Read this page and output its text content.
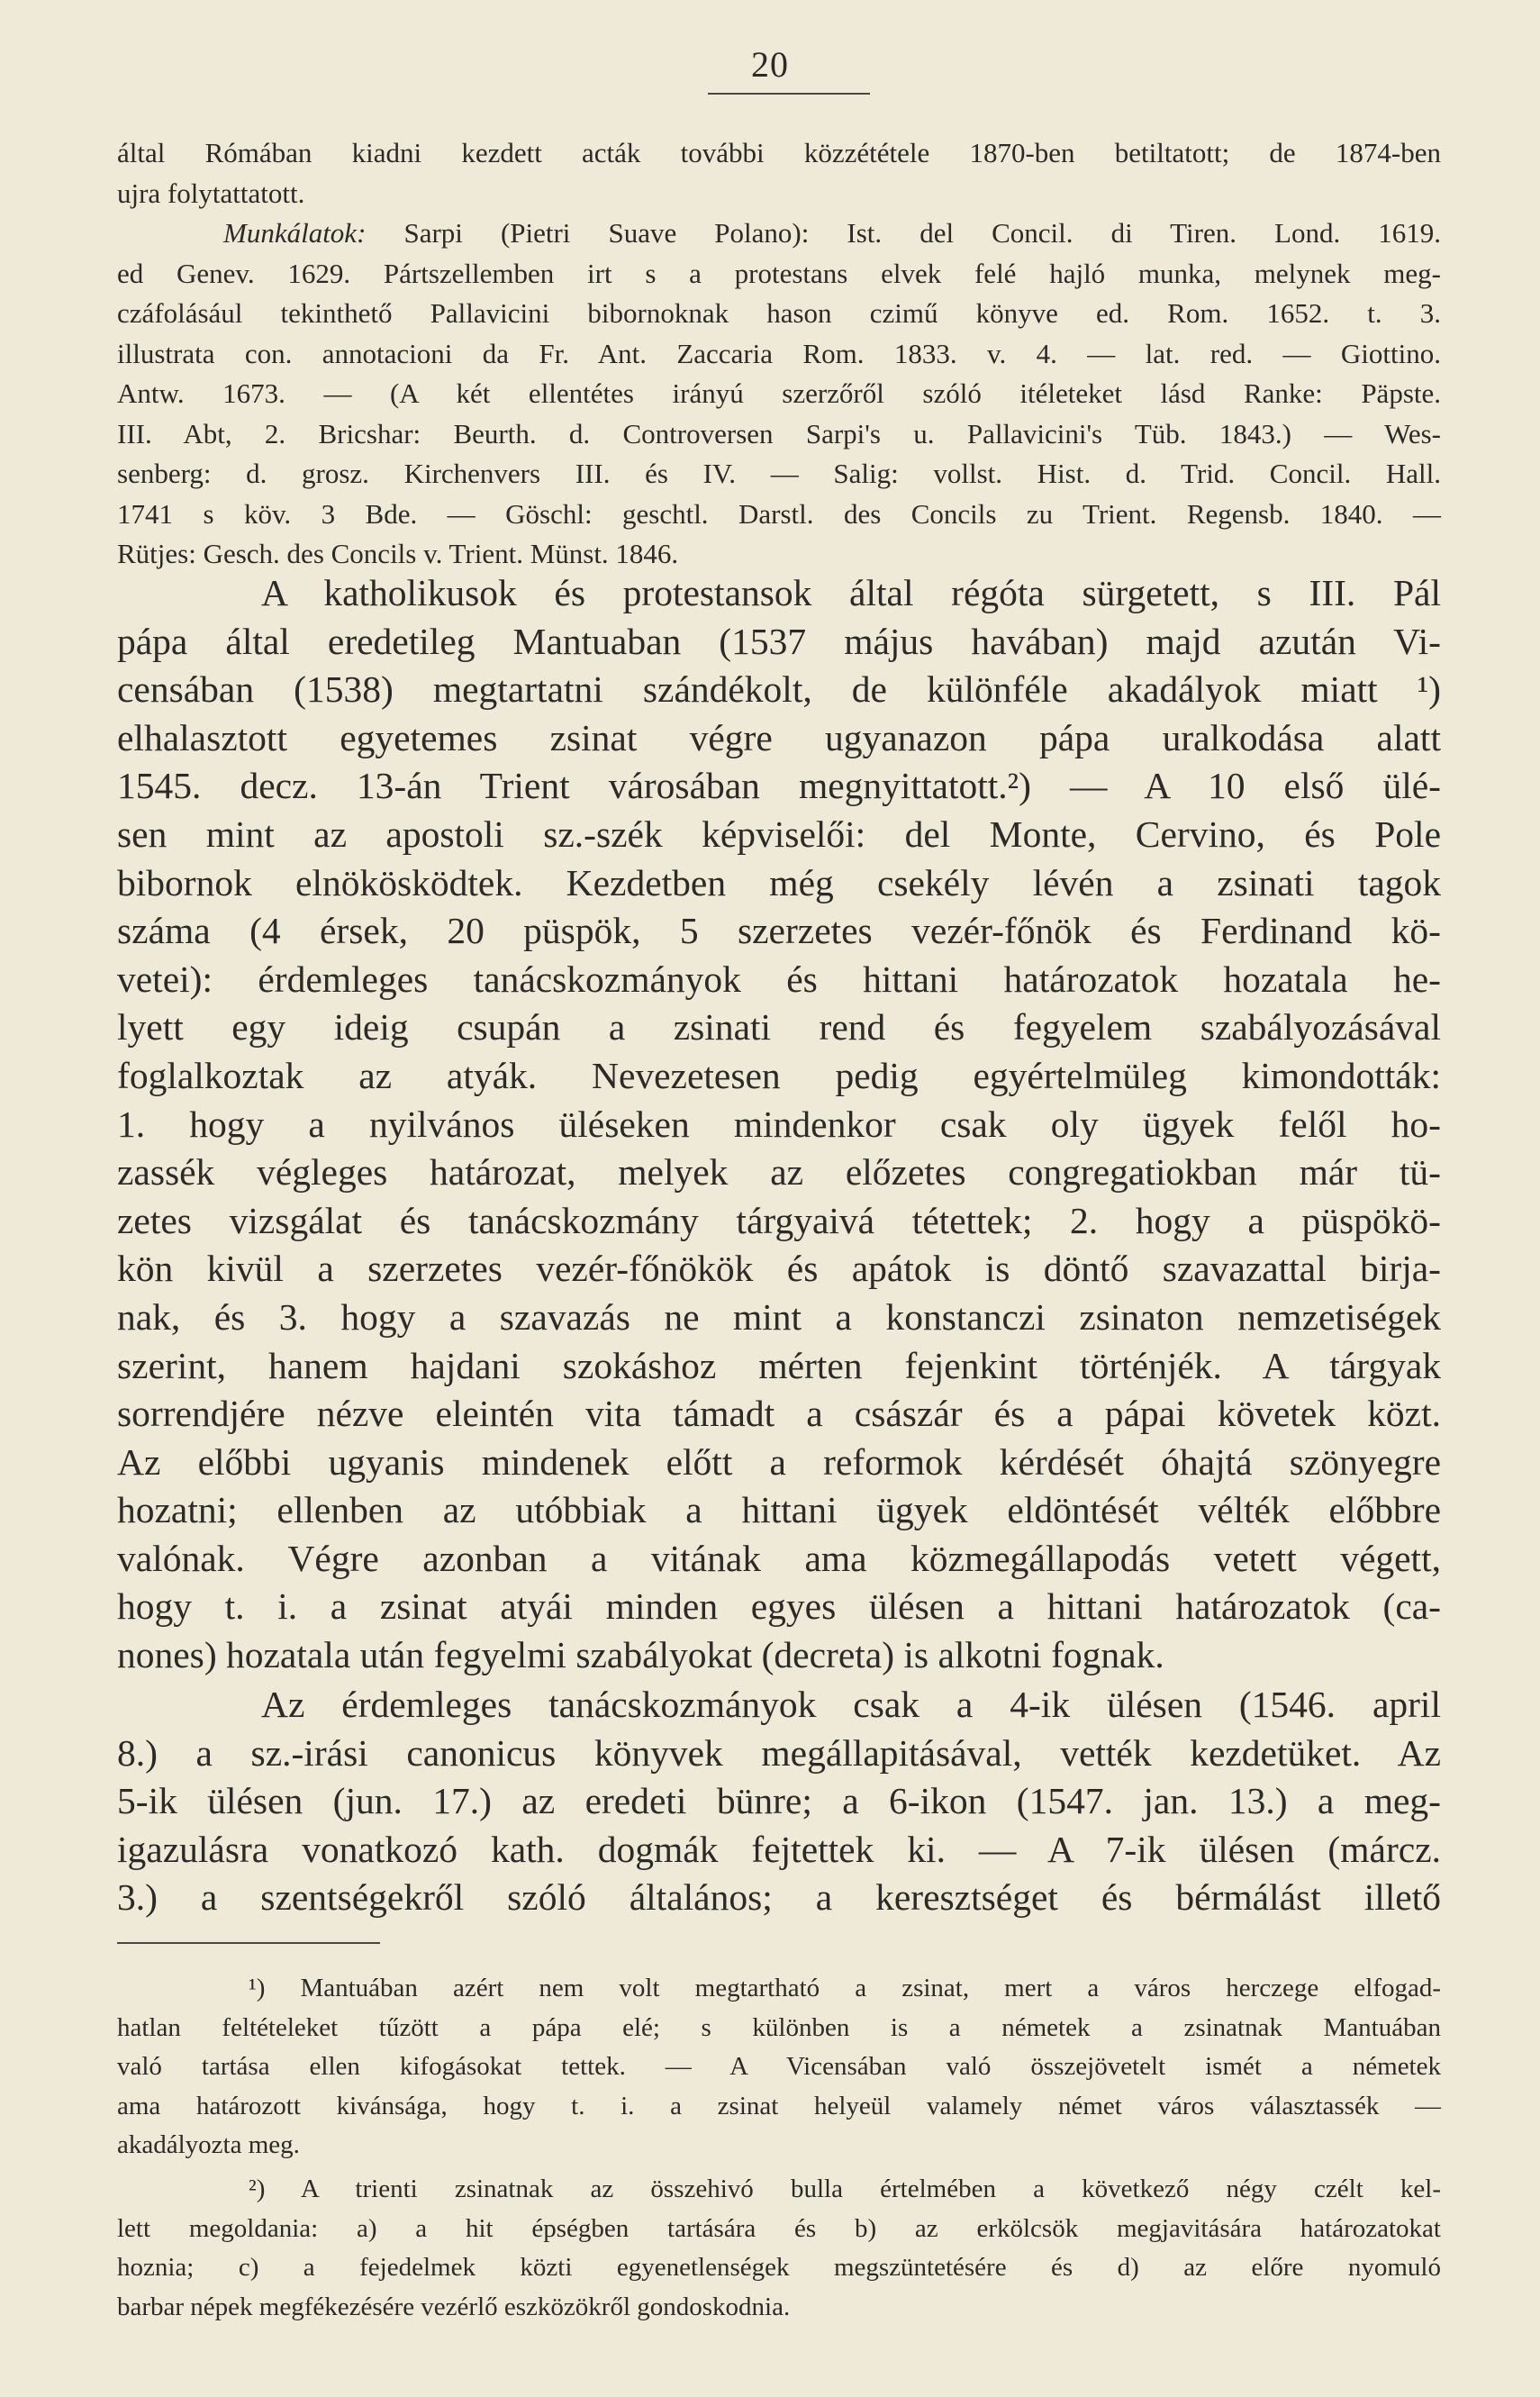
20
által Rómában kiadni kezdett acták további közzététele 1870-ben betiltatott; de 1874-ben
ujra folytattatott.
Munkálatok: Sarpi (Pietri Suave Polano): Ist. del Concil. di Tiren. Lond. 1619.
ed Genev. 1629. Pártszellemben irt s a protestans elvek felé hajló munka, melynek meg-
czáfolásául tekinthető Pallavicini bibornoknak hason czimű könyve ed. Rom. 1652. t. 3.
illustrata con. annotacioni da Fr. Ant. Zaccaria Rom. 1833. v. 4. — lat. red. — Giottino.
Antw. 1673. — (A két ellentétes irányú szerzőről szóló itéleteket lásd Ranke: Päpste.
III. Abt, 2. Bricshar: Beurth. d. Controversen Sarpi's u. Pallavicini's Tüb. 1843.) — Wes-
senberg: d. grosz. Kirchenvers III. és IV. — Salig: vollst. Hist. d. Trid. Concil. Hall.
1741 s köv. 3 Bde. — Göschl: geschtl. Darstl. des Concils zu Trient. Regensb. 1840. —
Rütjes: Gesch. des Concils v. Trient. Münst. 1846.
A katholikusok és protestansok által régóta sürgetett, s III. Pál
pápa által eredetileg Mantuaban (1537 május havában) majd azután Vi-
censában (1538) megtartatni szándékolt, de különféle akadályok miatt ¹)
elhalasztott egyetemes zsinat végre ugyanazon pápa uralkodása alatt
1545. decz. 13-án Trient városában megnyittatott.²) — A 10 első ülé-
sen mint az apostoli sz.-szék képviselői: del Monte, Cervino, és Pole
bibornok elnökösködtek. Kezdetben még csekély lévén a zsinati tagok
száma (4 érsek, 20 püspök, 5 szerzetes vezér-főnök és Ferdinand kö-
vetei): érdemleges tanácskozmányok és hittani határozatok hozatala he-
lyett egy ideig csupán a zsinati rend és fegyelem szabályozásával
foglalkoztak az atyák. Nevezetesen pedig egyértelmüleg kimondották:
1. hogy a nyilvános üléseken mindenkor csak oly ügyek felől ho-
zassék végleges határozat, melyek az előzetes congregatiokban már tü-
zetes vizsgálat és tanácskozmány tárgyaivá tétettek; 2. hogy a püspökö-
kön kivül a szerzetes vezér-főnökök és apátok is döntő szavazattal birja-
nak, és 3. hogy a szavazás ne mint a konstanczi zsinaton nemzetiségek
szerint, hanem hajdani szokáshoz mérten fejenkint történjék. A tárgyak
sorrendjére nézve eleintén vita támadt a császár és a pápai követek közt.
Az előbbi ugyanis mindenek előtt a reformok kérdését óhajtá szönyegre
hozatni; ellenben az utóbbiak a hittani ügyek eldöntését vélték előbbre
valónak. Végre azonban a vitának ama közmegállapodás vetett végett,
hogy t. i. a zsinat atyái minden egyes ülésen a hittani határozatok (ca-
nones) hozatala után fegyelmi szabályokat (decreta) is alkotni fognak.
Az érdemleges tanácskozmányok csak a 4-ik ülésen (1546. april
8.) a sz.-irási canonicus könyvek megállapitásával, vették kezdetüket. Az
5-ik ülésen (jun. 17.) az eredeti bünre; a 6-ikon (1547. jan. 13.) a meg-
igazulásra vonatkozó kath. dogmák fejtettek ki. — A 7-ik ülésen (márcz.
3.) a szentségekről szóló általános; a keresztséget és bérmálást illető
¹) Mantuában azért nem volt megtartható a zsinat, mert a város herczege elfogad-
hatlan feltételeket tűzött a pápa elé; s különben is a németek a zsinatnak Mantuában
való tartása ellen kifogásokat tettek. — A Vicensában való összejövetelt ismét a németek
ama határozott kivánsága, hogy t. i. a zsinat helyeül valamely német város választassék —
akadályozta meg.
²) A trienti zsinatnak az összehivó bulla értelmében a következő négy czélt kel-
lett megoldania: a) a hit épségben tartására és b) az erkölcsök megjavitására határozatokat
hoznia; c) a fejedelmek közti egyenetlenségek megszüntetésére és d) az előre nyomuló
barbar népek megfékezésére vezérlő eszközökről gondoskodnia.
